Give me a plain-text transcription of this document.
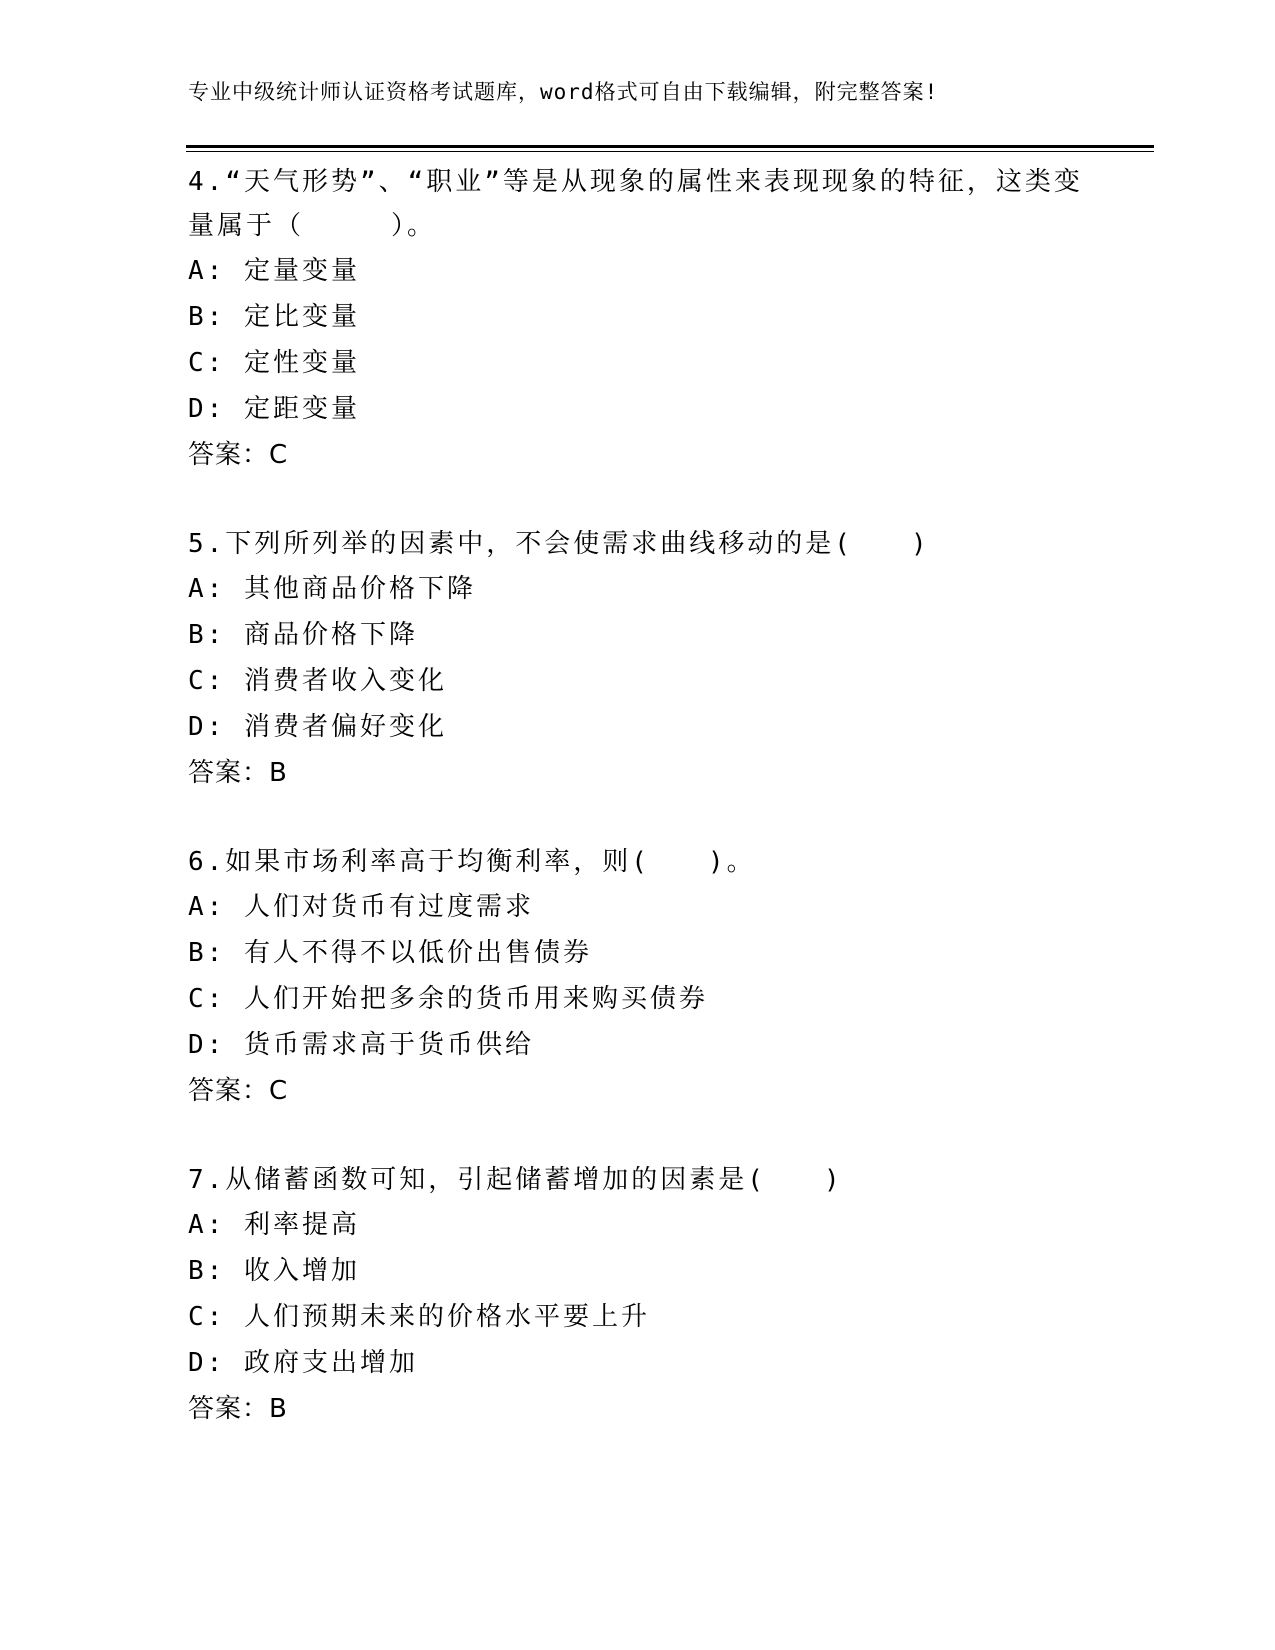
专业中级统计师认证资格考试题库，word格式可自由下载编辑，附完整答案!
4.“天气形势”、“职业”等是从现象的属性来表现现象的特征，这类变量属于（　　　）。
A: 定量变量
B: 定比变量
C: 定性变量
D: 定距变量
答案：C
5.下列所列举的因素中，不会使需求曲线移动的是(　　)
A: 其他商品价格下降
B: 商品价格下降
C: 消费者收入变化
D: 消费者偏好变化
答案：B
6.如果市场利率高于均衡利率，则(　　)。
A: 人们对货币有过度需求
B: 有人不得不以低价出售债券
C: 人们开始把多余的货币用来购买债券
D: 货币需求高于货币供给
答案：C
7.从储蓄函数可知，引起储蓄增加的因素是(　　)
A: 利率提高
B: 收入增加
C: 人们预期未来的价格水平要上升
D: 政府支出增加
答案：B
